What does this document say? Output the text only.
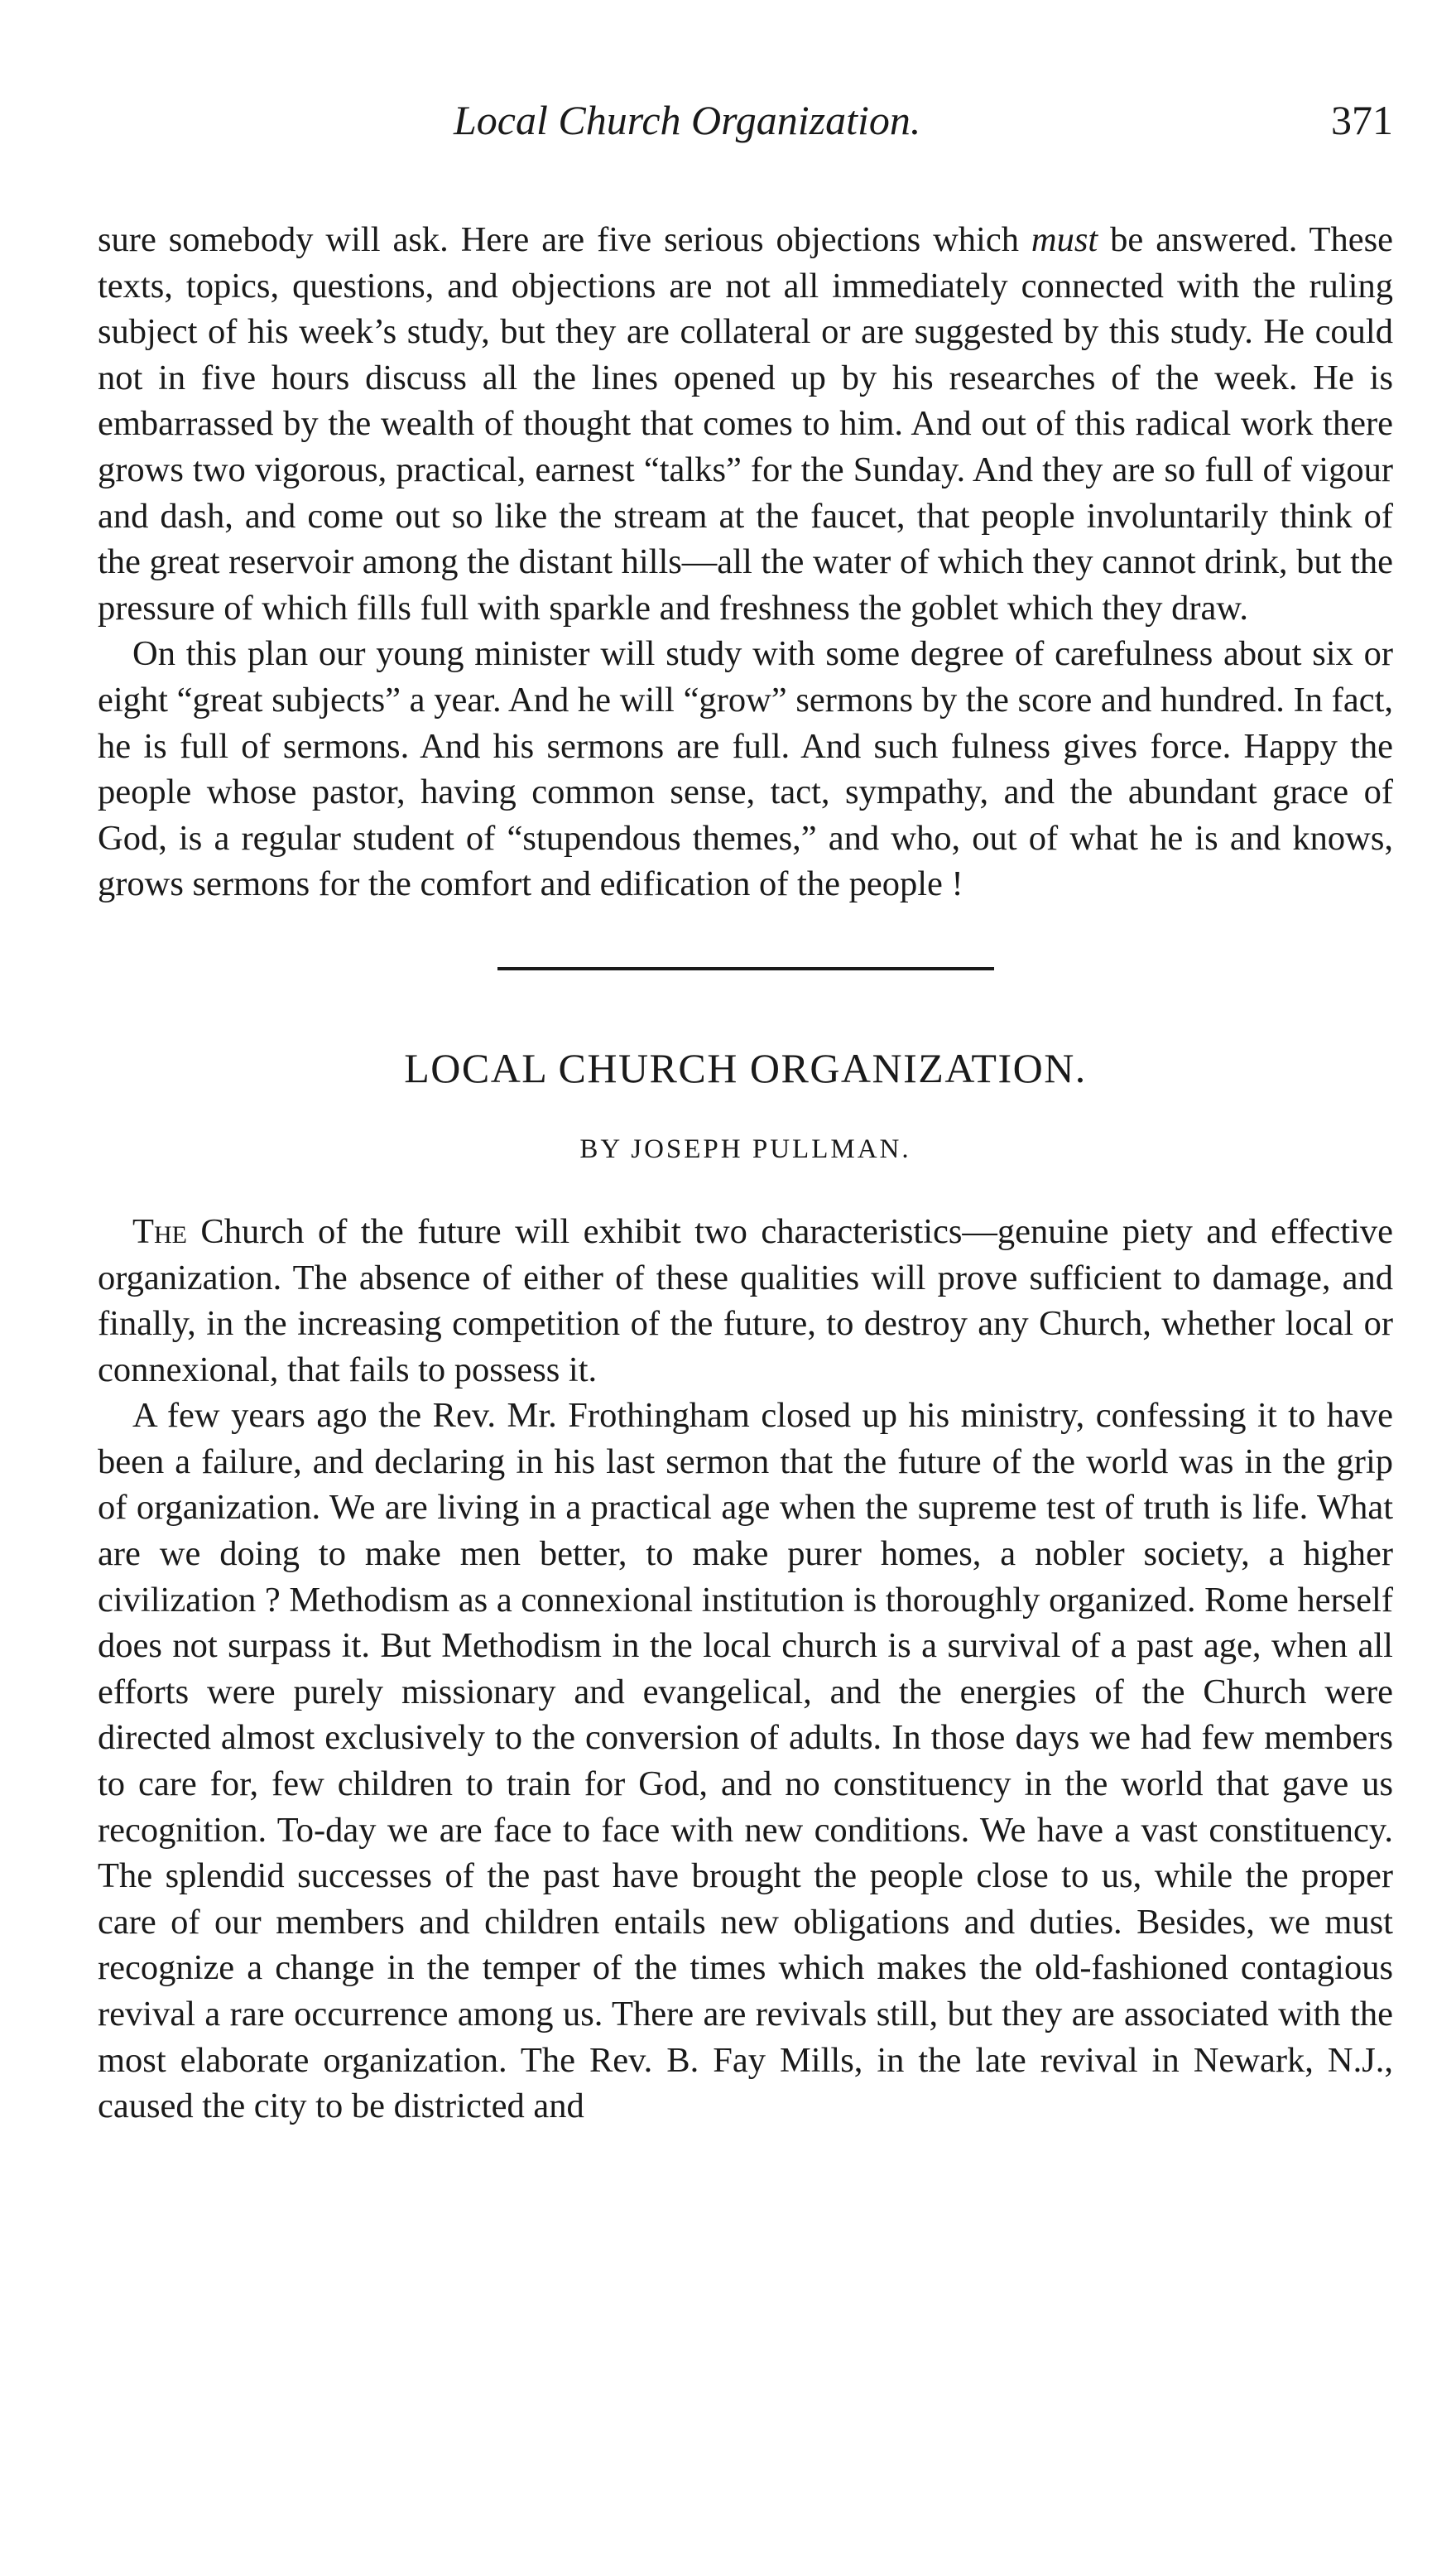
Local Church Organization.	371

sure somebody will ask. Here are five serious objections which must be answered. These texts, topics, questions, and objections are not all immediately connected with the ruling subject of his week’s study, but they are collateral or are suggested by this study. He could not in five hours discuss all the lines opened up by his researches of the week. He is embarrassed by the wealth of thought that comes to him. And out of this radical work there grows two vigorous, practical, earnest “talks” for the Sunday. And they are so full of vigour and dash, and come out so like the stream at the faucet, that people involuntarily think of the great reservoir among the distant hills—all the water of which they cannot drink, but the pressure of which fills full with sparkle and freshness the goblet which they draw.

On this plan our young minister will study with some degree of carefulness about six or eight “great subjects” a year. And he will “grow” sermons by the score and hundred. In fact, he is full of sermons. And his sermons are full. And such fulness gives force. Happy the people whose pastor, having common sense, tact, sympathy, and the abundant grace of God, is a regular student of “stupendous themes,” and who, out of what he is and knows, grows sermons for the comfort and edification of the people !

LOCAL CHURCH ORGANIZATION.
BY JOSEPH PULLMAN.

The Church of the future will exhibit two characteristics—genuine piety and effective organization. The absence of either of these qualities will prove sufficient to damage, and finally, in the increasing competition of the future, to destroy any Church, whether local or connexional, that fails to possess it.

A few years ago the Rev. Mr. Frothingham closed up his ministry, confessing it to have been a failure, and declaring in his last sermon that the future of the world was in the grip of organization. We are living in a practical age when the supreme test of truth is life. What are we doing to make men better, to make purer homes, a nobler society, a higher civilization ? Methodism as a connexional institution is thoroughly organized. Rome herself does not surpass it. But Methodism in the local church is a survival of a past age, when all efforts were purely missionary and evangelical, and the energies of the Church were directed almost exclusively to the conversion of adults. In those days we had few members to care for, few children to train for God, and no constituency in the world that gave us recognition. To-day we are face to face with new conditions. We have a vast constituency. The splendid successes of the past have brought the people close to us, while the proper care of our members and children entails new obligations and duties. Besides, we must recognize a change in the temper of the times which makes the old-fashioned contagious revival a rare occurrence among us. There are revivals still, but they are associated with the most elaborate organization. The Rev. B. Fay Mills, in the late revival in Newark, N.J., caused the city to be districted and
